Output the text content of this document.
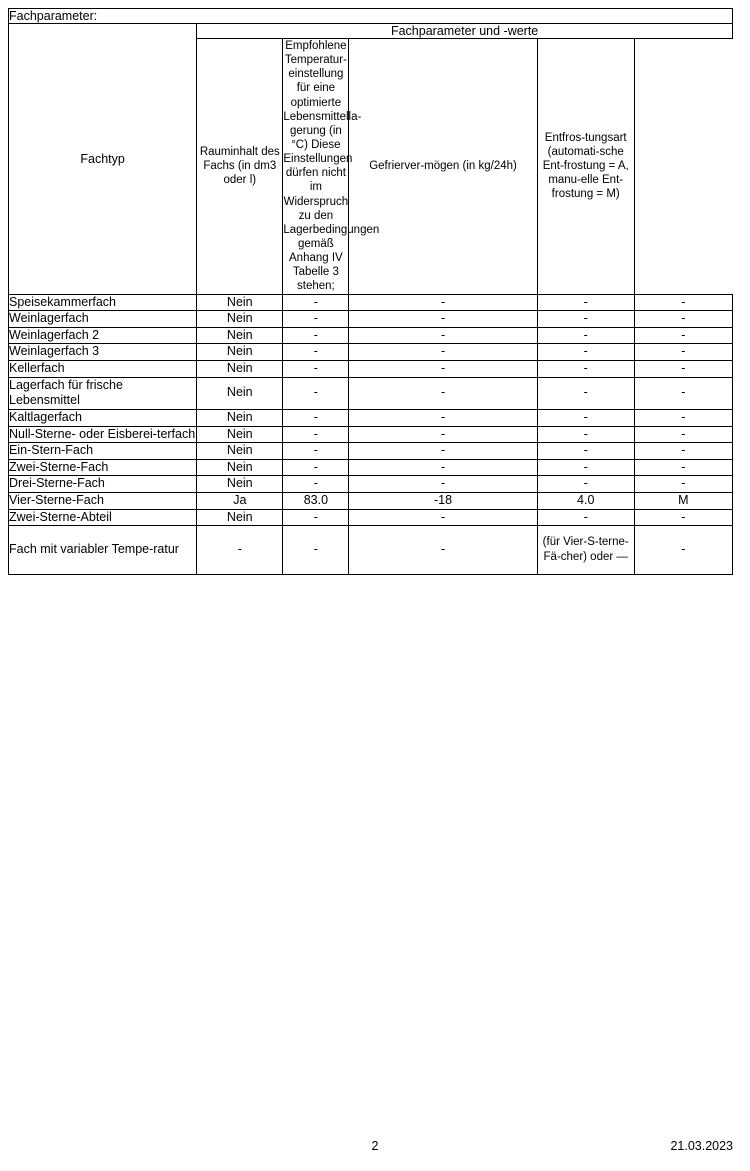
Fachparameter:					
Fachtyp	Fachparameter und -werte				
	Rauminhalt des Fachs (in dm3 oder l)	Empfohlene Temperatur-einstellung für eine optimierte Lebensmittella-gerung (in °C) Diese Einstellungen dürfen nicht im Widerspruch zu den Lagerbedingungen gemäß Anhang IV Tabelle 3 stehen;	Gefrierver-mögen (in kg/24h)	Entfros-tungsart (automati-sche Ent-frostung = A, manu-elle Ent-frostung = M)	
Speisekammerfach	Nein	-	-	-	-
Weinlagerfach	Nein	-	-	-	-
Weinlagerfach 2	Nein	-	-	-	-
Weinlagerfach 3	Nein	-	-	-	-
Kellerfach	Nein	-	-	-	-
Lagerfach für frische Lebensmittel	Nein	-	-	-	-
Kaltlagerfach	Nein	-	-	-	-
Null-Sterne- oder Eisberei-terfach	Nein	-	-	-	-
Ein-Stern-Fach	Nein	-	-	-	-
Zwei-Sterne-Fach	Nein	-	-	-	-
Drei-Sterne-Fach	Nein	-	-	-	-
Vier-Sterne-Fach	Ja	83.0	-18	4.0	M
Zwei-Sterne-Abteil	Nein	-	-	-	-
Fach mit variabler Tempe-ratur	-	-	-	(für Vier-S-terne-Fä-cher) oder —	-
2	21.03.2023
